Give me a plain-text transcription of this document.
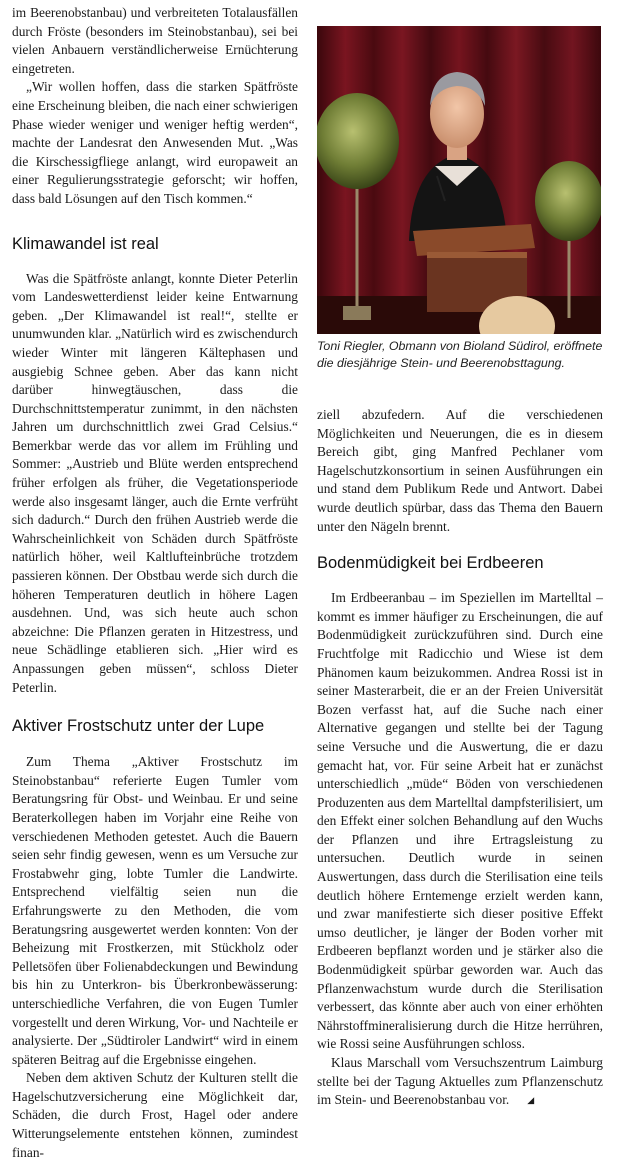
im Beerenobstanbau) und verbreiteten Totalausfällen durch Fröste (besonders im Steinobstanbau), sei bei vielen Anbauern verständlicherweise Ernüchterung eingetreten.

„Wir wollen hoffen, dass die starken Spätfröste eine Erscheinung bleiben, die nach einer schwierigen Phase wieder weniger und weniger heftig werden“, machte der Landesrat den Anwesenden Mut. „Was die Kirschessigfliege anlangt, wird europaweit an einer Regulierungsstrategie geforscht; wir hoffen, dass bald Lösungen auf den Tisch kommen.“

Klimawandel ist real

Was die Spätfröste anlangt, konnte Dieter Peterlin vom Landeswetterdienst leider keine Entwarnung geben. „Der Klimawandel ist real!“, stellte er unumwunden klar. „Natürlich wird es zwischendurch wieder Winter mit längeren Kältephasen und ausgiebig Schnee geben. Aber das kann nicht darüber hinwegtäuschen, dass die Durchschnittstemperatur zunimmt, in den nächsten Jahren um durchschnittlich zwei Grad Celsius.“ Bemerkbar werde das vor allem im Frühling und Sommer: „Austrieb und Blüte werden entsprechend früher erfolgen als früher, die Vegetationsperiode werde also insgesamt länger, auch die Ernte verfrüht sich dadurch.“ Durch den frühen Austrieb werde die Wahrscheinlichkeit von Schäden durch Spätfröste natürlich höher, weil Kaltlufteinbrüche trotzdem passieren können. Der Obstbau werde sich durch die höheren Temperaturen deutlich in höhere Lagen ausdehnen. Und, was sich heute auch schon abzeichne: Die Pflanzen geraten in Hitzestress, und neue Schädlinge etablieren sich. „Hier wird es Anpassungen geben müssen“, schloss Dieter Peterlin.

Aktiver Frostschutz unter der Lupe

Zum Thema „Aktiver Frostschutz im Steinobstanbau“ referierte Eugen Tumler vom Beratungsring für Obst- und Weinbau. Er und seine Beraterkollegen haben im Vorjahr eine Reihe von verschiedenen Methoden getestet. Auch die Bauern seien sehr findig gewesen, wenn es um Versuche zur Frostabwehr ging, lobte Tumler die Landwirte. Entsprechend vielfältig seien nun die Erfahrungswerte zu den Methoden, die vom Beratungsring ausgewertet werden konnten: Von der Beheizung mit Frostkerzen, mit Stückholz oder Pelletsöfen über Folienabdeckungen und Bewindung bis hin zu Unterkron- bis Überkronbewässerung: unterschiedliche Verfahren, die von Eugen Tumler vorgestellt und deren Wirkung, Vor- und Nachteile er analysierte. Der „Südtiroler Landwirt“ wird in einem späteren Beitrag auf die Ergebnisse eingehen.

Neben dem aktiven Schutz der Kulturen stellt die Hagelschutzversicherung eine Möglichkeit dar, Schäden, die durch Frost, Hagel oder andere Witterungselemente entstehen können, zumindest finan-

Toni Riegler, Obmann von Bioland Südirol, eröffnete die diesjährige Stein- und Beerenobsttagung.

ziell abzufedern. Auf die verschiedenen Möglichkeiten und Neuerungen, die es in diesem Bereich gibt, ging Manfred Pechlaner vom Hagelschutzkonsortium in seinen Ausführungen ein und stand dem Publikum Rede und Antwort. Dabei wurde deutlich spürbar, dass das Thema den Bauern unter den Nägeln brennt.

Bodenmüdigkeit bei Erdbeeren

Im Erdbeeranbau – im Speziellen im Martelltal – kommt es immer häufiger zu Erscheinungen, die auf Bodenmüdigkeit zurückzuführen sind. Durch eine Fruchtfolge mit Radicchio und Wiese ist dem Phänomen kaum beizukommen. Andrea Rossi ist in seiner Masterarbeit, die er an der Freien Universität Bozen verfasst hat, auf die Suche nach einer Alternative gegangen und stellte bei der Tagung seine Versuche und die Auswertung, die er dazu gemacht hat, vor. Für seine Arbeit hat er zunächst unterschiedlich „müde“ Böden von verschiedenen Produzenten aus dem Martelltal dampfsterilisiert, um den Effekt einer solchen Behandlung auf den Wuchs der Pflanzen und ihre Ertragsleistung zu untersuchen. Deutlich wurde in seinen Auswertungen, dass durch die Sterilisation eine teils deutlich höhere Erntemenge erzielt werden kann, und zwar manifestierte sich dieser positive Effekt umso deutlicher, je länger der Boden vorher mit Erdbeeren bepflanzt worden und je stärker also die Bodenmüdigkeit spürbar geworden war. Auch das Pflanzenwachstum wurde durch die Sterilisation verbessert, das könnte aber auch von einer erhöhten Nährstoffmineralisierung durch die Hitze herrühren, wie Rossi seine Ausführungen schloss.

Klaus Marschall vom Versuchszentrum Laimburg stellte bei der Tagung Aktuelles zum Pflanzenschutz im Stein- und Beerenobstanbau vor. ◢
